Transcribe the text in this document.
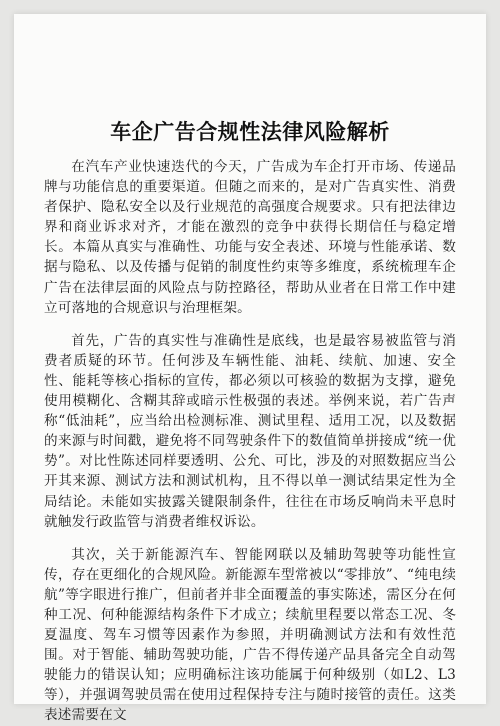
车企广告合规性法律风险解析

在汽车产业快速迭代的今天，广告成为车企打开市场、传递品牌与功能信息的重要渠道。但随之而来的，是对广告真实性、消费者保护、隐私安全以及行业规范的高强度合规要求。只有把法律边界和商业诉求对齐，才能在激烈的竞争中获得长期信任与稳定增长。本篇从真实与准确性、功能与安全表述、环境与性能承诺、数据与隐私、以及传播与促销的制度性约束等多维度，系统梳理车企广告在法律层面的风险点与防控路径，帮助从业者在日常工作中建立可落地的合规意识与治理框架。

首先，广告的真实性与准确性是底线，也是最容易被监管与消费者质疑的环节。任何涉及车辆性能、油耗、续航、加速、安全性、能耗等核心指标的宣传，都必须以可核验的数据为支撑，避免使用模糊化、含糊其辞或暗示性极强的表述。举例来说，若广告声称“低油耗”，应当给出检测标准、测试里程、适用工况，以及数据的来源与时间戳，避免将不同驾驶条件下的数值简单拼接成“统一优势”。对比性陈述同样要透明、公允、可比，涉及的对照数据应当公开其来源、测试方法和测试机构，且不得以单一测试结果定性为全局结论。未能如实披露关键限制条件，往往在市场反响尚未平息时就触发行政监管与消费者维权诉讼。

其次，关于新能源汽车、智能网联以及辅助驾驶等功能性宣传，存在更细化的合规风险。新能源车型常被以“零排放”、“纯电续航”等字眼进行推广，但前者并非全面覆盖的事实陈述，需区分在何种工况、何种能源结构条件下才成立；续航里程要以常态工况、冬夏温度、驾车习惯等因素作为参照，并明确测试方法和有效性范围。对于智能、辅助驾驶功能，广告不得传递产品具备完全自动驾驶能力的错误认知；应明确标注该功能属于何种级别（如L2、L3等），并强调驾驶员需在使用过程保持专注与随时接管的责任。这类表述需要在文
